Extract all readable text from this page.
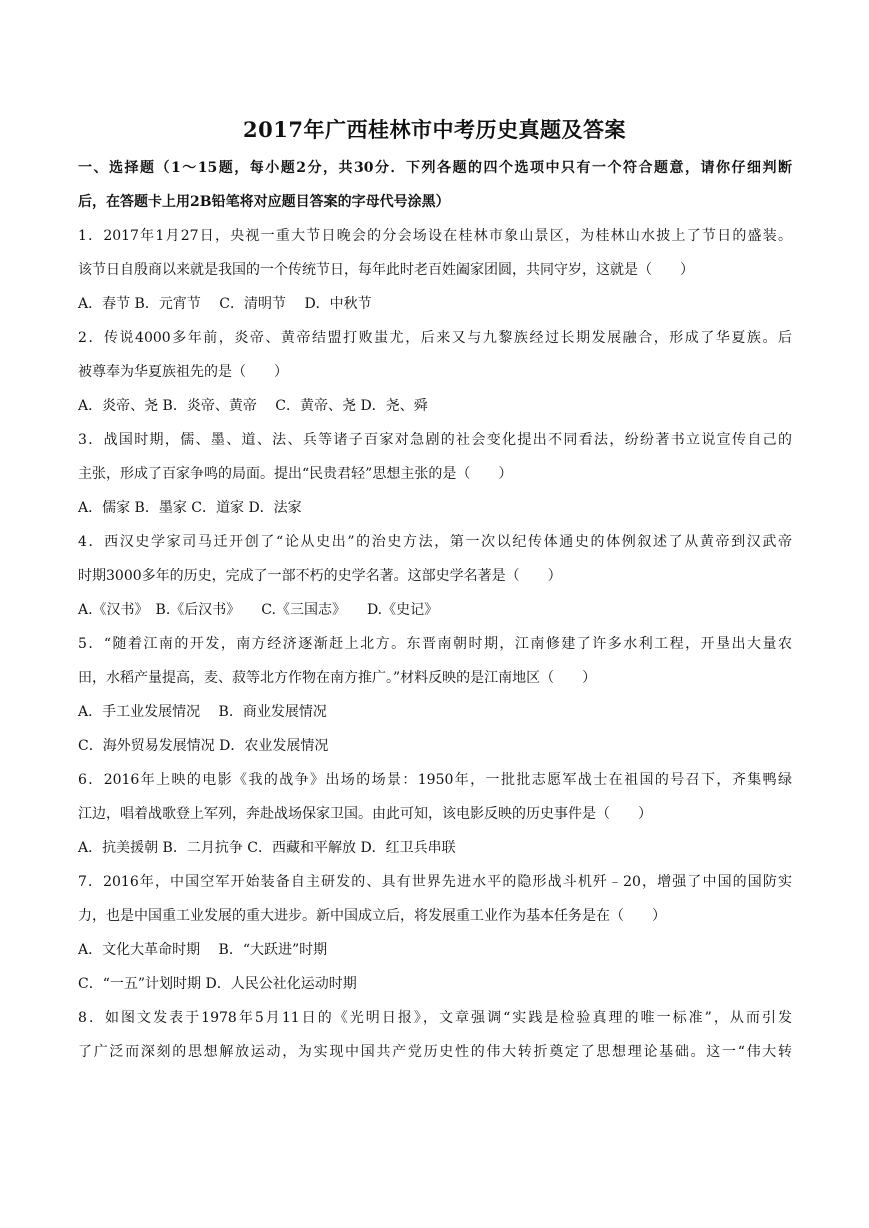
2017年广西桂林市中考历史真题及答案

一、选择题（1～15题，每小题2分，共30分．下列各题的四个选项中只有一个符合题意，请你仔细判断

后，在答题卡上用2B铅笔将对应题目答案的字母代号涂黑）

1．2017年1月27日，央视一重大节日晚会的分会场设在桂林市象山景区，为桂林山水披上了节日的盛装。

该节日自殷商以来就是我国的一个传统节日，每年此时老百姓阖家团圆，共同守岁，这就是（　　）

A．春节 B．元宵节　 C．清明节　 D．中秋节

2．传说4000多年前，炎帝、黄帝结盟打败蚩尤，后来又与九黎族经过长期发展融合，形成了华夏族。后

被尊奉为华夏族祖先的是（　　）

A．炎帝、尧 B．炎帝、黄帝　 C．黄帝、尧 D．尧、舜

3．战国时期，儒、墨、道、法、兵等诸子百家对急剧的社会变化提出不同看法，纷纷著书立说宣传自己的

主张，形成了百家争鸣的局面。提出“民贵君轻”思想主张的是（　　）

A．儒家 B．墨家 C．道家 D．法家

4．西汉史学家司马迁开创了“论从史出”的治史方法，第一次以纪传体通史的体例叙述了从黄帝到汉武帝

时期3000多年的历史，完成了一部不朽的史学名著。这部史学名著是（　　）

A.《汉书》　B.《后汉书》　　C.《三国志》　　D.《史记》

5．“随着江南的开发，南方经济逐渐赶上北方。东晋南朝时期，江南修建了许多水利工程，开垦出大量农

田，水稻产量提高，麦、菽等北方作物在南方推广。”材料反映的是江南地区（　　）

A．手工业发展情况　 B．商业发展情况

C．海外贸易发展情况 D．农业发展情况

6．2016年上映的电影《我的战争》出场的场景：1950年，一批批志愿军战士在祖国的号召下，齐集鸭绿

江边，唱着战歌登上军列，奔赴战场保家卫国。由此可知，该电影反映的历史事件是（　　）

A．抗美援朝 B．二月抗争 C．西藏和平解放 D．红卫兵串联

7．2016年，中国空军开始装备自主研发的、具有世界先进水平的隐形战斗机歼﹣20，增强了中国的国防实

力，也是中国重工业发展的重大进步。新中国成立后，将发展重工业作为基本任务是在（　　）

A．文化大革命时期　 B．“大跃进”时期

C．“一五”计划时期 D．人民公社化运动时期

8．如图文发表于1978年5月11日的《光明日报》，文章强调“实践是检验真理的唯一标准”，从而引发

了广泛而深刻的思想解放运动，为实现中国共产党历史性的伟大转折奠定了思想理论基础。这一“伟大转
